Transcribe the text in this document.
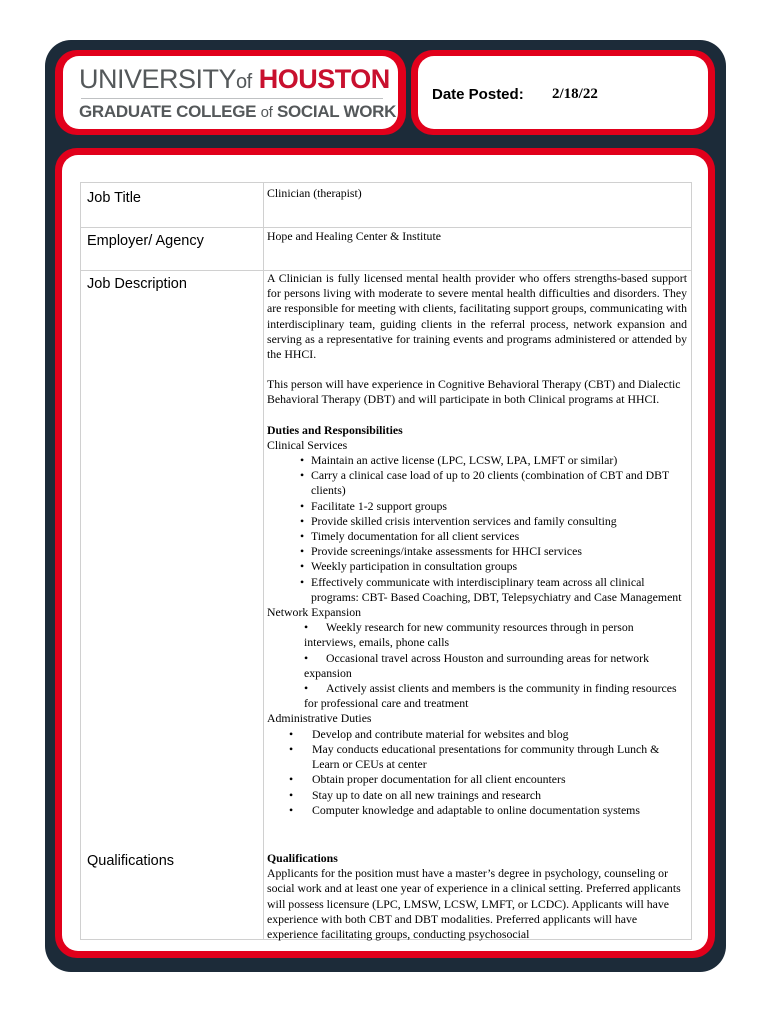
UNIVERSITYof HOUSTON
GRADUATE COLLEGE of SOCIAL WORK
Date Posted: 2/18/22
Job Title	Clinician (therapist)
Employer/ Agency	Hope and Healing Center & Institute
Job Description	A Clinician is fully licensed mental health provider who offers strengths-based support for persons living with moderate to severe mental health difficulties and disorders. They are responsible for meeting with clients, facilitating support groups, communicating with interdisciplinary team, guiding clients in the referral process, network expansion and serving as a representative for training events and programs administered or attended by the HHCI.

This person will have experience in Cognitive Behavioral Therapy (CBT) and Dialectic Behavioral Therapy (DBT) and will participate in both Clinical programs at HHCI.

Duties and Responsibilities

Clinical Services

• Maintain an active license (LPC, LCSW, LPA, LMFT or similar)
• Carry a clinical case load of up to 20 clients (combination of CBT and DBT clients)
• Facilitate 1-2 support groups
• Provide skilled crisis intervention services and family consulting
• Timely documentation for all client services
• Provide screenings/intake assessments for HHCI services
• Weekly participation in consultation groups
• Effectively communicate with interdisciplinary team across all clinical programs: CBT- Based Coaching, DBT, Telepsychiatry and Case Management

Network Expansion

• Weekly research for new community resources through in person interviews, emails, phone calls
• Occasional travel across Houston and surrounding areas for network expansion
• Actively assist clients and members is the community in finding resources for professional care and treatment

Administrative Duties

• Develop and contribute material for websites and blog
• May conducts educational presentations for community through Lunch & Learn or CEUs at center
• Obtain proper documentation for all client encounters
• Stay up to date on all new trainings and research
• Computer knowledge and adaptable to online documentation systems
Qualifications	Qualifications

Applicants for the position must have a master’s degree in psychology, counseling or social work and at least one year of experience in a clinical setting. Preferred applicants will possess licensure (LPC, LMSW, LCSW, LMFT, or LCDC). Applicants will have experience with both CBT and DBT modalities. Preferred applicants will have experience facilitating groups, conducting psychosocial
